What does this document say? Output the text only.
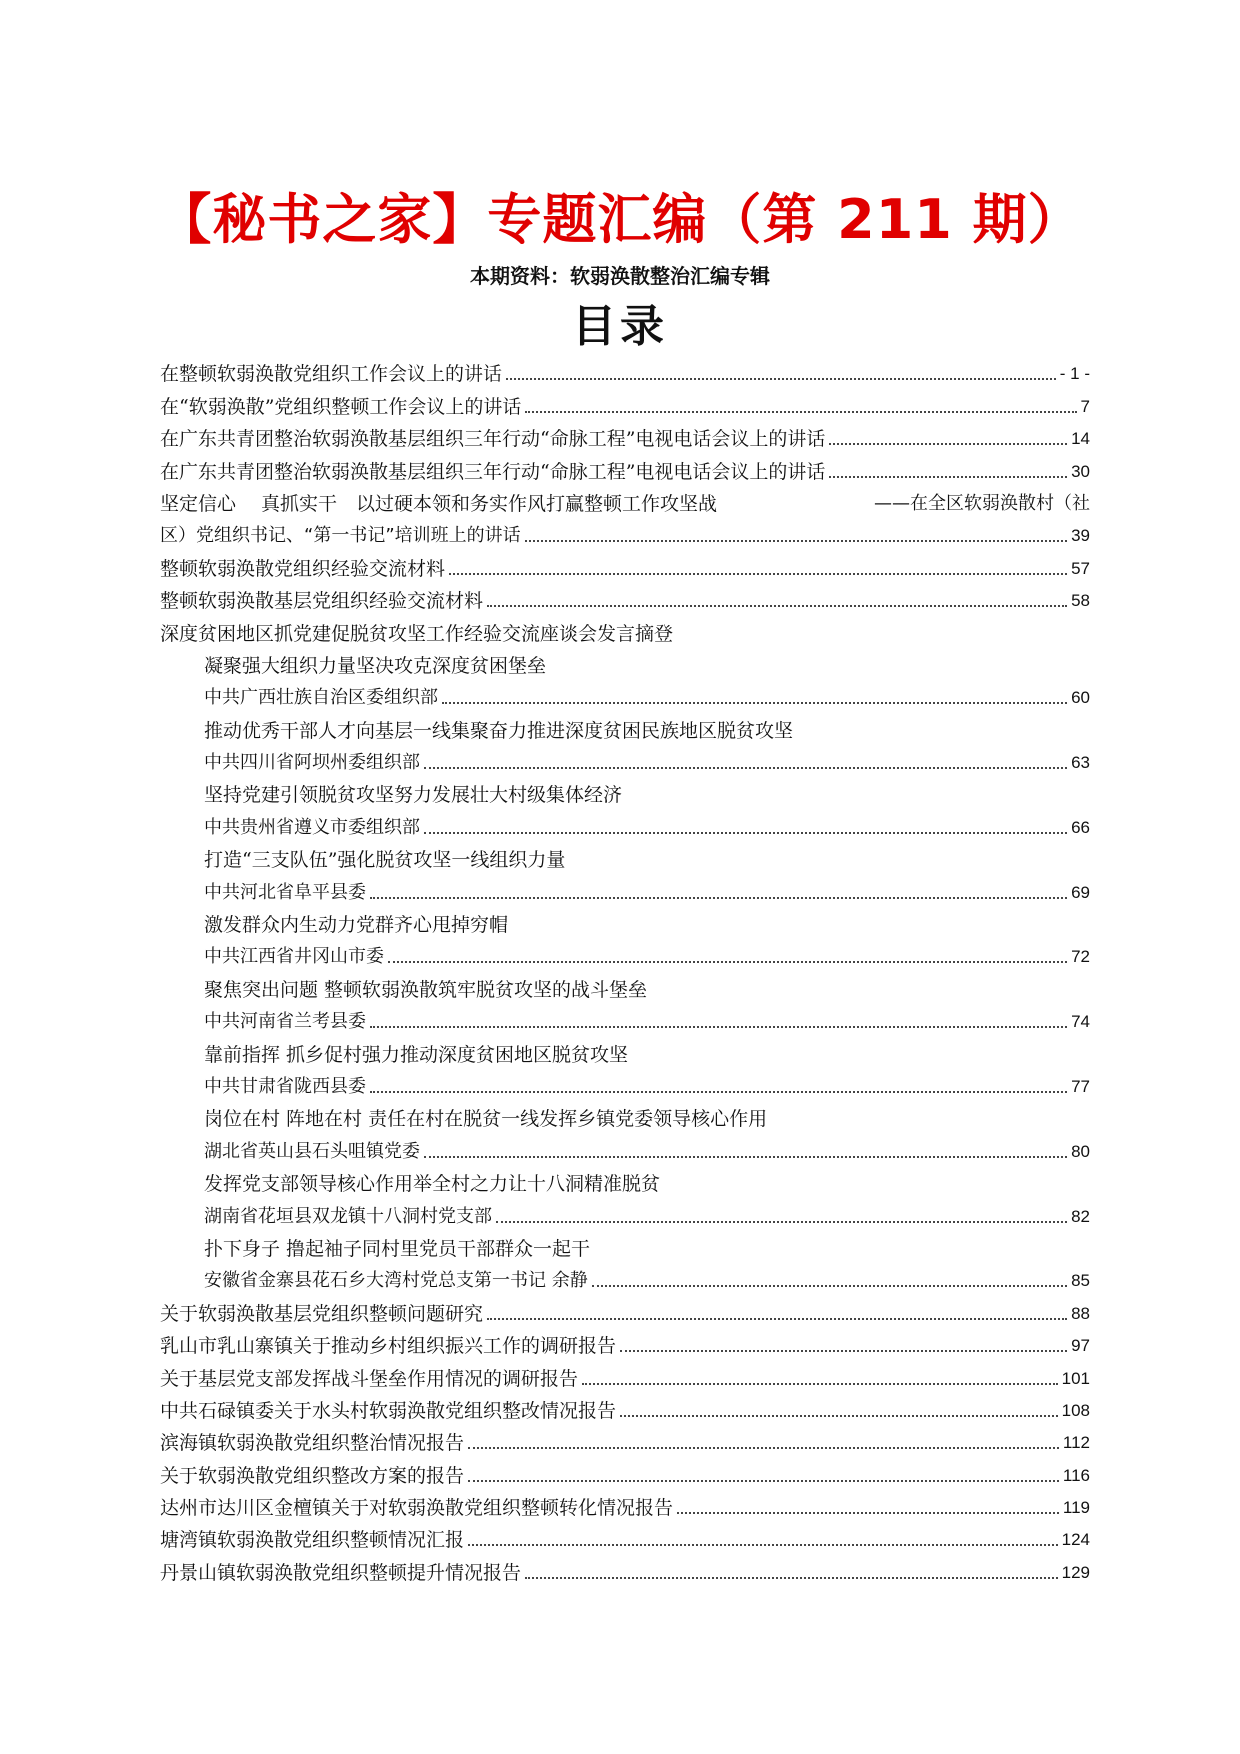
【秘书之家】专题汇编（第 211 期）
本期资料：软弱涣散整治汇编专辑
目录
在整顿软弱涣散党组织工作会议上的讲话	- 1 -
在“软弱涣散”党组织整顿工作会议上的讲话	7
在广东共青团整治软弱涣散基层组织三年行动“命脉工程”电视电话会议上的讲话	14
在广东共青团整治软弱涣散基层组织三年行动“命脉工程”电视电话会议上的讲话	30
坚定信心　 真抓实干　以过硬本领和务实作风打赢整顿工作攻坚战	——在全区软弱涣散村（社
区）党组织书记、“第一书记”培训班上的讲话	39
整顿软弱涣散党组织经验交流材料	57
整顿软弱涣散基层党组织经验交流材料	58
深度贫困地区抓党建促脱贫攻坚工作经验交流座谈会发言摘登
凝聚强大组织力量坚决攻克深度贫困堡垒
中共广西壮族自治区委组织部	60
推动优秀干部人才向基层一线集聚奋力推进深度贫困民族地区脱贫攻坚
中共四川省阿坝州委组织部	63
坚持党建引领脱贫攻坚努力发展壮大村级集体经济
中共贵州省遵义市委组织部	66
打造“三支队伍”强化脱贫攻坚一线组织力量
中共河北省阜平县委	69
激发群众内生动力党群齐心甩掉穷帽
中共江西省井冈山市委	72
聚焦突出问题 整顿软弱涣散筑牢脱贫攻坚的战斗堡垒
中共河南省兰考县委	74
靠前指挥 抓乡促村强力推动深度贫困地区脱贫攻坚
中共甘肃省陇西县委	77
岗位在村 阵地在村 责任在村在脱贫一线发挥乡镇党委领导核心作用
湖北省英山县石头咀镇党委	80
发挥党支部领导核心作用举全村之力让十八洞精准脱贫
湖南省花垣县双龙镇十八洞村党支部	82
扑下身子 撸起袖子同村里党员干部群众一起干
安徽省金寨县花石乡大湾村党总支第一书记 余静	85
关于软弱涣散基层党组织整顿问题研究	88
乳山市乳山寨镇关于推动乡村组织振兴工作的调研报告	97
关于基层党支部发挥战斗堡垒作用情况的调研报告	101
中共石碌镇委关于水头村软弱涣散党组织整改情况报告	108
滨海镇软弱涣散党组织整治情况报告	112
关于软弱涣散党组织整改方案的报告	116
达州市达川区金檀镇关于对软弱涣散党组织整顿转化情况报告	119
塘湾镇软弱涣散党组织整顿情况汇报	124
丹景山镇软弱涣散党组织整顿提升情况报告	129
